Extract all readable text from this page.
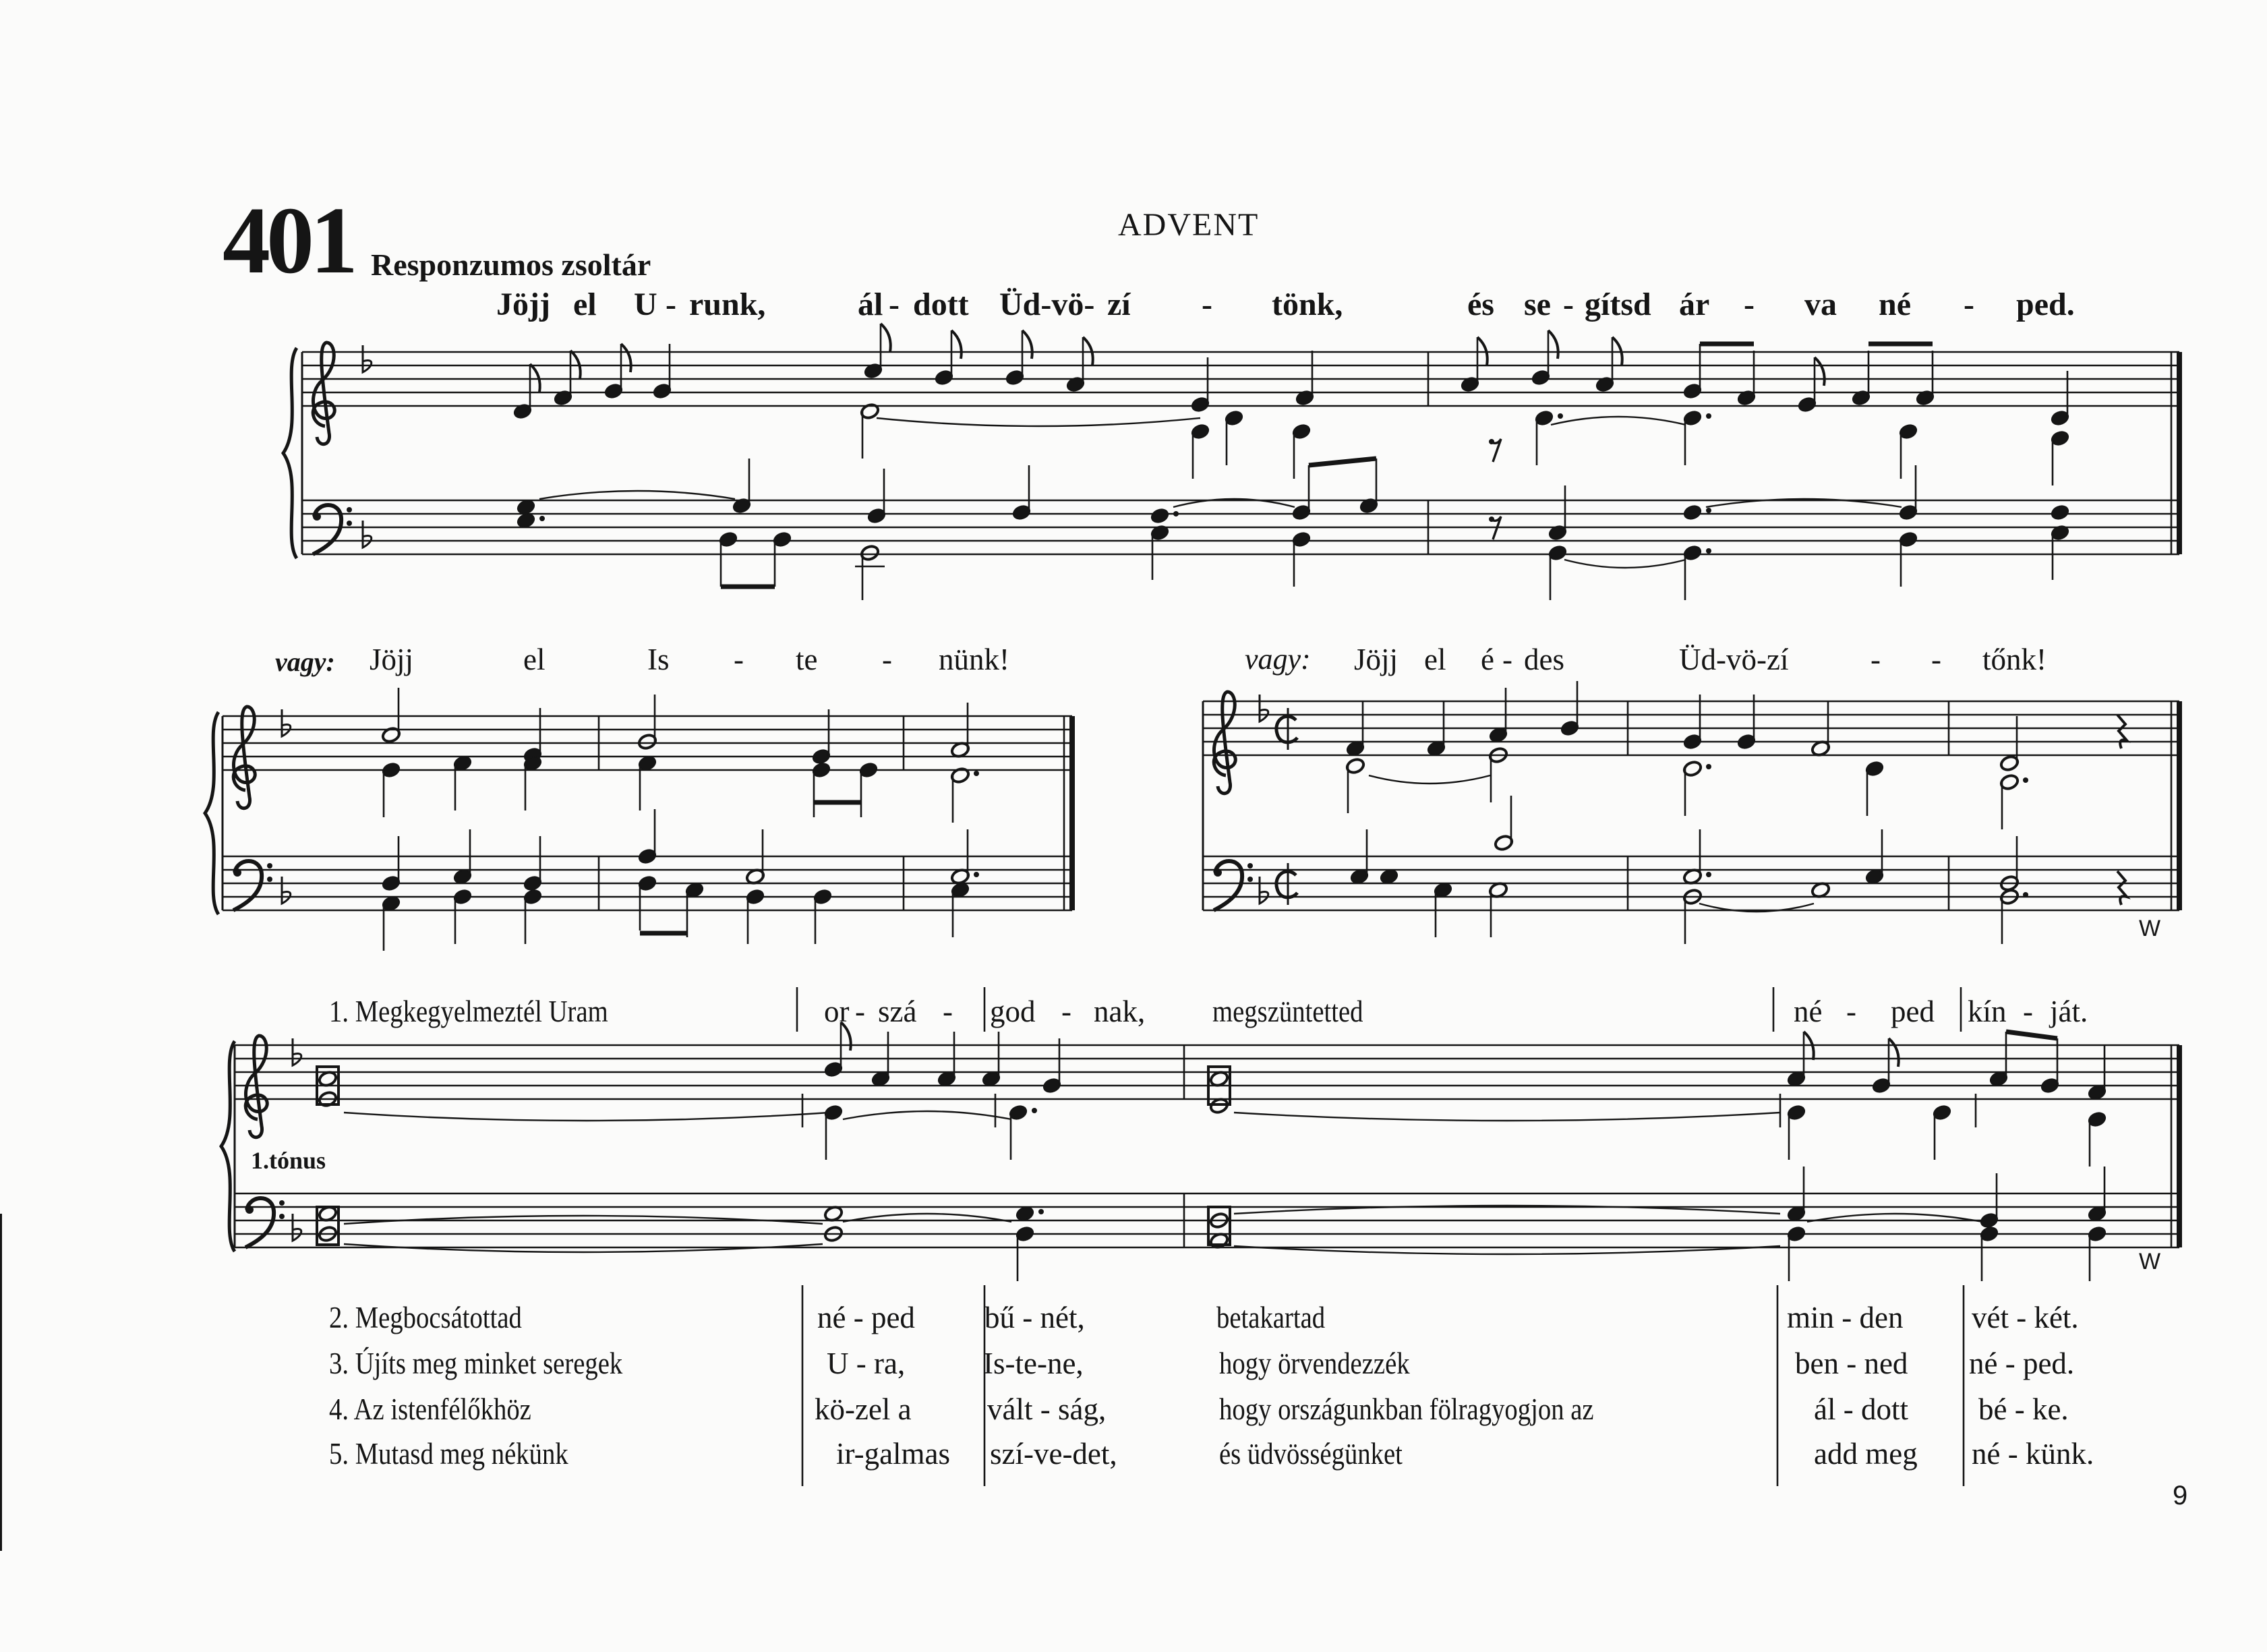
401 Responzumos zsoltár
ADVENT
Jöjj el U - runk,	ál - dott Üd-vö- zí - tönk,	és se - gítsd ár - va né - ped.
vagy: Jöjj	el	Is - te - nünk!	vagy: Jöjj el é - des	Üd-vö-zí	- - tőnk!
1. Megkegyelmeztél Uram	or - szá - god - nak, megszüntetted	né - ped kín - ját.
1.tónus
2. Megbocsátottad	né - ped bű - nét,	betakartad	min - den vét - két.
3. Újíts meg minket seregek	U - ra,	Is-te-ne,	hogy örvendezzék	ben - ned né - ped.
4. Az istenfélőkhöz	kö-zel a vált - ság,	hogy országunkban fölragyogjon az	ál - dott bé - ke.
5. Mutasd meg nékünk	ir-galmas szí-ve-det,	és üdvösségünket	add meg né - künk.
W
W
9
